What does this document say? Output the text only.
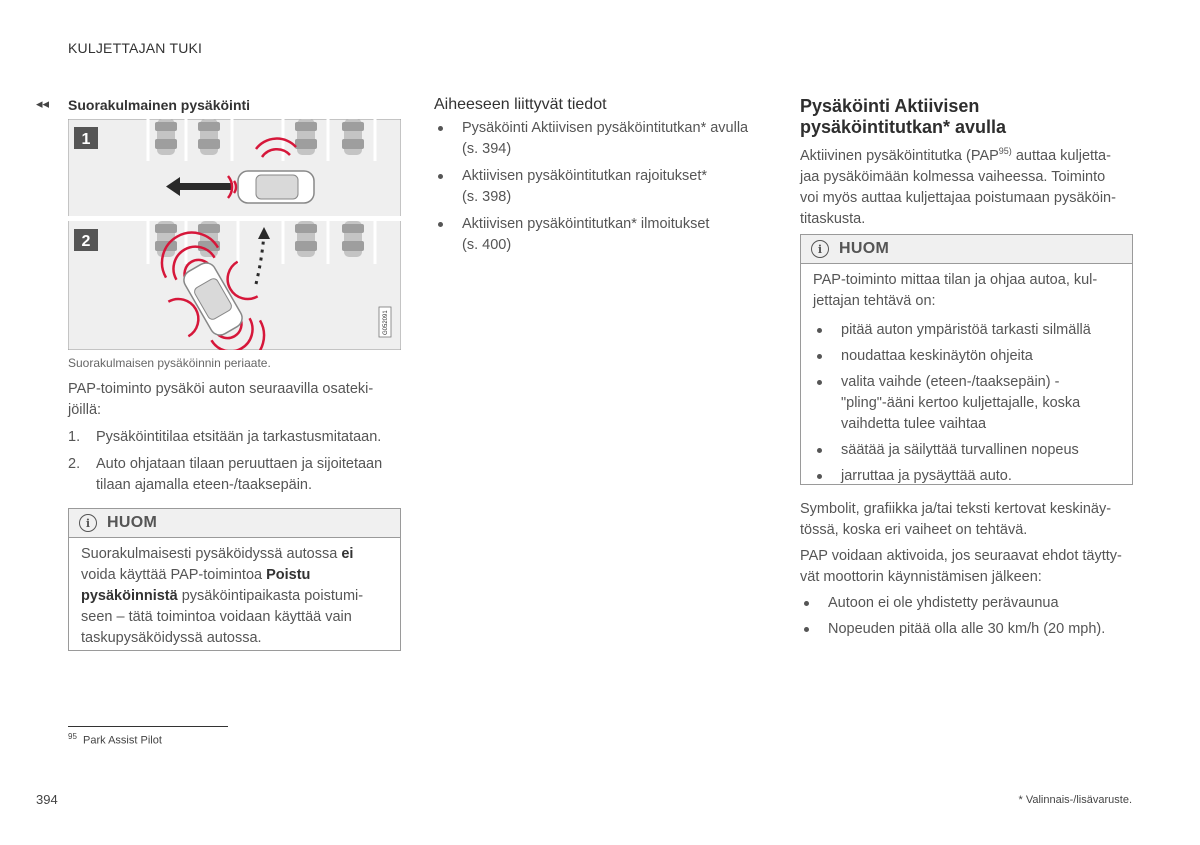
KULJETTAJAN TUKI
◂◂ Suorakulmainen pysäköinti
1
2
G052091
Suorakulmaisen pysäköinnin periaate.

PAP-toiminto pysäköi auton seuraavilla osateki-
jöillä:

1. Pysäköintitilaa etsitään ja tarkastusmitataan.
2. Auto ohjataan tilaan peruuttaen ja sijoitetaan
tilaan ajamalla eteen-/taaksepäin.
i	HUOM
Suorakulmaisesti pysäköidyssä autossa ei
voida käyttää PAP-toimintoa Poistu
pysäköinnistä pysäköintipaikasta poistumi-
seen – tätä toimintoa voidaan käyttää vain
taskupysäköidyssä autossa.
$^{95}$ Park Assist Pilot
Aiheeseen liittyvät tiedot
Pysäköinti Aktiivisen pysäköintitutkan* avulla
(s. 394)
Aktiivisen pysäköintitutkan rajoitukset*
(s. 398)
Aktiivisen pysäköintitutkan* ilmoitukset
(s. 400)
Pysäköinti Aktiivisen
pysäköintitutkan* avulla

Aktiivinen pysäköintitutka (PAP$^{95)}$ auttaa kuljetta-
jaa pysäköimään kolmessa vaiheessa. Toiminto
voi myös auttaa kuljettajaa poistumaan pysäköin-
titaskusta.

i	HUOM
PAP-toiminto mittaa tilan ja ohjaa autoa, kul-
jettajan tehtävä on:
pitää auton ympäristöä tarkasti silmällä
noudattaa keskinäytön ohjeita
valita vaihde (eteen-/taaksepäin) -
"pling"-ääni kertoo kuljettajalle, koska
vaihdetta tulee vaihtaa
säätää ja säilyttää turvallinen nopeus
jarruttaa ja pysäyttää auto.

Symbolit, grafiikka ja/tai teksti kertovat keskinäy-
tössä, koska eri vaiheet on tehtävä.

PAP voidaan aktivoida, jos seuraavat ehdot täytty-
vät moottorin käynnistämisen jälkeen:

Autoon ei ole yhdistetty perävaunua
Nopeuden pitää olla alle 30 km/h (20 mph).
394	* Valinnais-/lisävaruste.
